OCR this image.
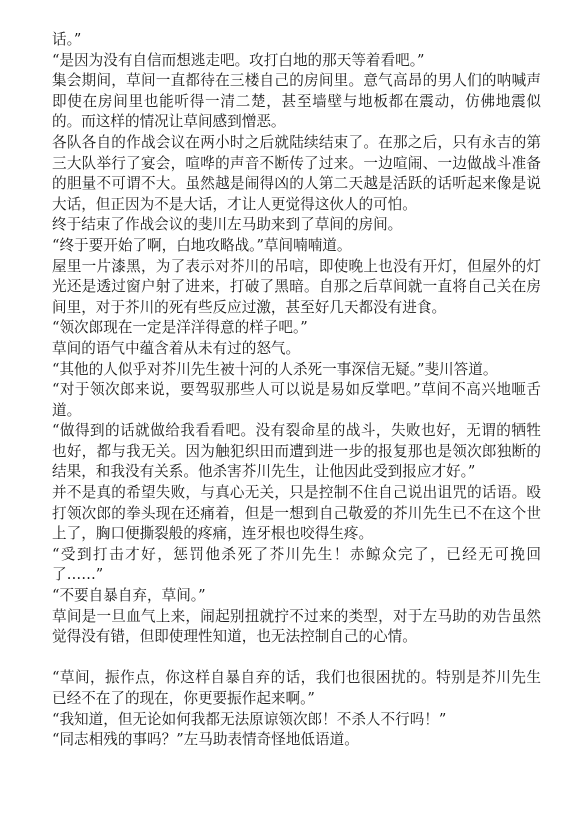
话。”

“是因为没有自信而想逃走吧。攻打白地的那天等着看吧。”

集会期间，草间一直都待在三楼自己的房间里。意气高昂的男人们的呐喊声即使在房间里也能听得一清二楚，甚至墙壁与地板都在震动，仿佛地震似的。而这样的情况让草间感到憎恶。

各队各自的作战会议在两小时之后就陆续结束了。在那之后，只有永吉的第三大队举行了宴会，喧哗的声音不断传了过来。一边喧闹、一边做战斗准备的胆量不可谓不大。虽然越是闹得凶的人第二天越是活跃的话听起来像是说大话，但正因为不是大话，才让人更觉得这伙人的可怕。

终于结束了作战会议的斐川左马助来到了草间的房间。

“终于要开始了啊，白地攻略战。”草间喃喃道。

屋里一片漆黑，为了表示对芥川的吊唁，即使晚上也没有开灯，但屋外的灯光还是透过窗户射了进来，打破了黑暗。自那之后草间就一直将自己关在房间里，对于芥川的死有些反应过激，甚至好几天都没有进食。

“领次郎现在一定是洋洋得意的样子吧。”

草间的语气中蕴含着从未有过的怒气。

“其他的人似乎对芥川先生被十河的人杀死一事深信无疑。”斐川答道。

“对于领次郎来说，要驾驭那些人可以说是易如反掌吧。”草间不高兴地咂舌道。

“做得到的话就做给我看看吧。没有裂命星的战斗，失败也好，无谓的牺牲也好，都与我无关。因为触犯织田而遭到进一步的报复那也是领次郎独断的结果，和我没有关系。他杀害芥川先生，让他因此受到报应才好。”

并不是真的希望失败，与真心无关，只是控制不住自己说出诅咒的话语。殴打领次郎的拳头现在还痛着，但是一想到自己敬爱的芥川先生已不在这个世上了，胸口便撕裂般的疼痛，连牙根也咬得生疼。

“受到打击才好，惩罚他杀死了芥川先生！赤鲸众完了，已经无可挽回了……”

“不要自暴自弃，草间。”

草间是一旦血气上来，闹起别扭就拧不过来的类型，对于左马助的劝告虽然觉得没有错，但即使理性知道，也无法控制自己的心情。

“草间，振作点，你这样自暴自弃的话，我们也很困扰的。特别是芥川先生已经不在了的现在，你更要振作起来啊。”

“我知道，但无论如何我都无法原谅领次郎！不杀人不行吗！”

“同志相残的事吗？”左马助表情奇怪地低语道。
